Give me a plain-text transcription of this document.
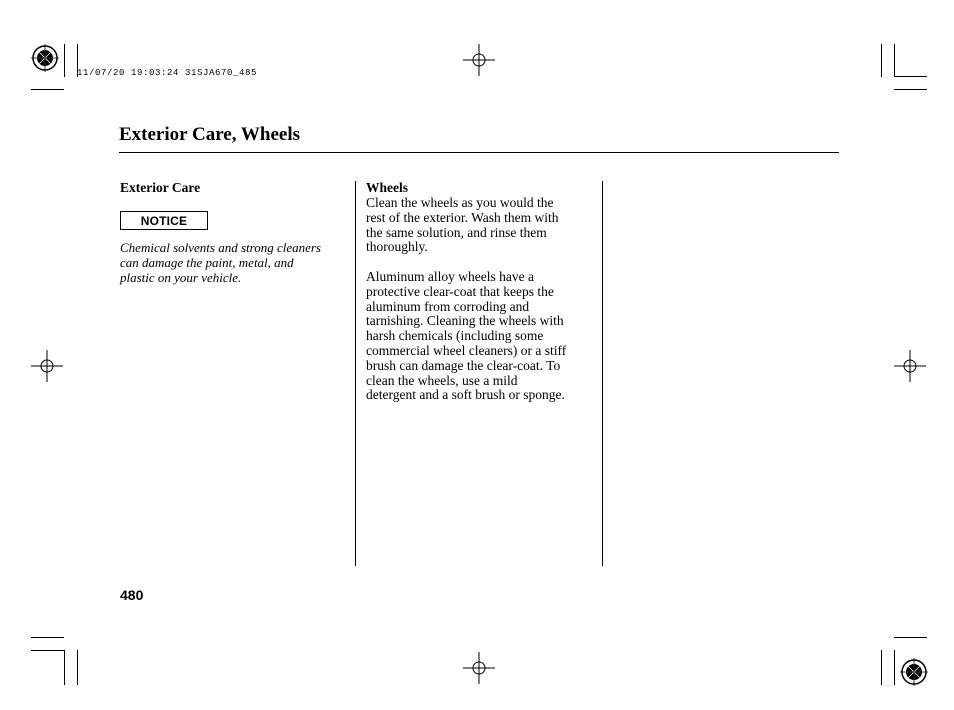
11/07/20 19:03:24 31SJA670_485
Exterior Care, Wheels
Exterior Care
NOTICE
Chemical solvents and strong cleaners
can damage the paint, metal, and
plastic on your vehicle.
Wheels
Clean the wheels as you would the
rest of the exterior. Wash them with
the same solution, and rinse them
thoroughly.
Aluminum alloy wheels have a
protective clear-coat that keeps the
aluminum from corroding and
tarnishing. Cleaning the wheels with
harsh chemicals (including some
commercial wheel cleaners) or a stiff
brush can damage the clear-coat. To
clean the wheels, use a mild
detergent and a soft brush or sponge.
480
